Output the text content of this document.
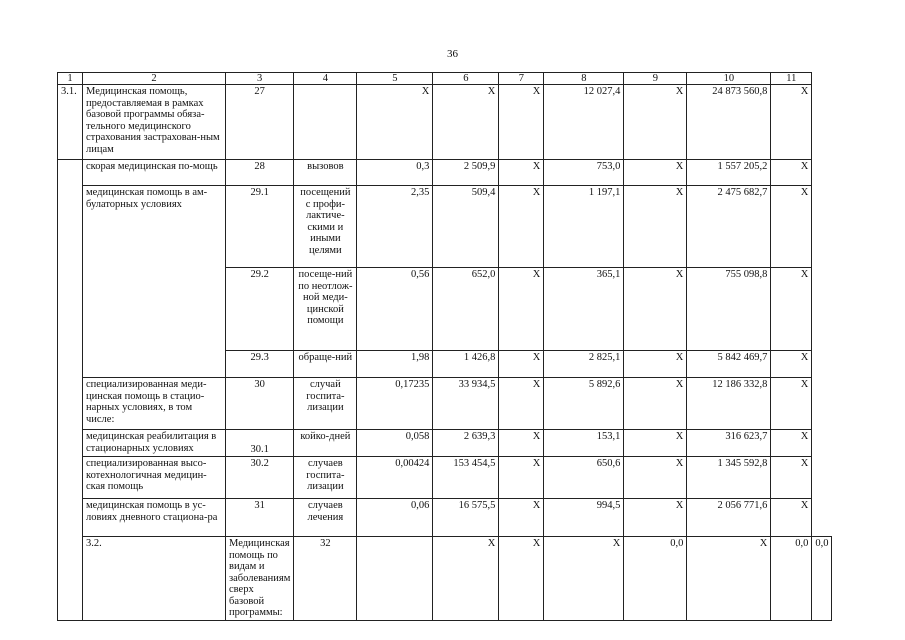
36
1	2	3	4	5	6	7	8	9	10	11	
3.1.	Медицинская помощь, предоставляемая в рамках базовой программы обяза-тельного медицинского страхования застрахован-ным лицам	27		X	X	X	12 027,4	X	24 873 560,8	X	
	скорая медицинская по-мощь	28	вызовов	0,3	2 509,9	X	753,0	X	1 557 205,2	X	
	медицинская помощь в ам-булаторных условиях	29.1	посещений с профи-лактиче-скими и иными целями	2,35	509,4	X	1 197,1	X	2 475 682,7	X	
		29.2	посеще-ний по неотлож-ной меди-цинской помощи	0,56	652,0	X	365,1	X	755 098,8	X	
		29.3	обраще-ний	1,98	1 426,8	X	2 825,1	X	5 842 469,7	X	
	специализированная меди-цинская помощь в стацио-нарных условиях, в том числе:	30	случай госпита-лизации	0,17235	33 934,5	X	5 892,6	X	12 186 332,8	X	
	медицинская реабилитация в стационарных условиях	30.1	койко-дней	0,058	2 639,3	X	153,1	X	316 623,7	X	
	специализированная высо-котехнологичная медицин-ская помощь	30.2	случаев госпита-лизации	0,00424	153 454,5	X	650,6	X	1 345 592,8	X	
	медицинская помощь в ус-ловиях дневного стациона-ра	31	случаев лечения	0,06	16 575,5	X	994,5	X	2 056 771,6	X	
	3.2.	Медицинская помощь по видам и заболеваниям сверх базовой программы:	32		X	X	X	0,0	X	0,0	0,0
